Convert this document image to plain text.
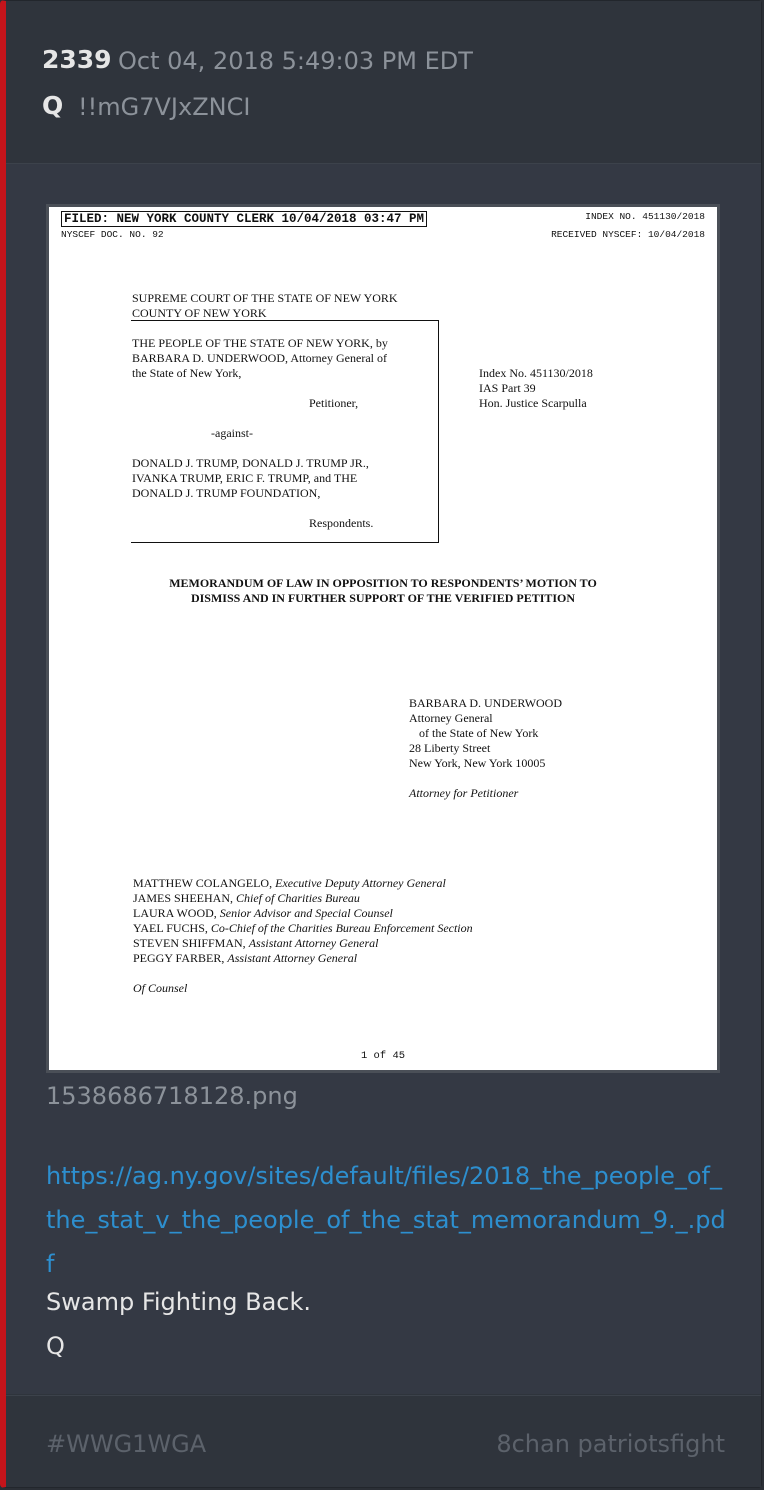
2339 Oct 04, 2018 5:49:03 PM EDT
Q !!mG7VJxZNCI
FILED: NEW YORK COUNTY CLERK 10/04/2018 03:47 PM	INDEX NO. 451130/2018
NYSCEF DOC. NO. 92	RECEIVED NYSCEF: 10/04/2018
SUPREME COURT OF THE STATE OF NEW YORK
COUNTY OF NEW YORK
THE PEOPLE OF THE STATE OF NEW YORK, by
BARBARA D. UNDERWOOD, Attorney General of
the State of New York,
Petitioner,
-against-
DONALD J. TRUMP, DONALD J. TRUMP JR.,
IVANKA TRUMP, ERIC F. TRUMP, and THE
DONALD J. TRUMP FOUNDATION,
Respondents.
Index No. 451130/2018
IAS Part 39
Hon. Justice Scarpulla
MEMORANDUM OF LAW IN OPPOSITION TO RESPONDENTS’ MOTION TO
DISMISS AND IN FURTHER SUPPORT OF THE VERIFIED PETITION
BARBARA D. UNDERWOOD
Attorney General
of the State of New York
28 Liberty Street
New York, New York 10005
Attorney for Petitioner
MATTHEW COLANGELO, Executive Deputy Attorney General
JAMES SHEEHAN, Chief of Charities Bureau
LAURA WOOD, Senior Advisor and Special Counsel
YAEL FUCHS, Co-Chief of the Charities Bureau Enforcement Section
STEVEN SHIFFMAN, Assistant Attorney General
PEGGY FARBER, Assistant Attorney General
Of Counsel
1 of 45
1538686718128.png
https://ag.ny.gov/sites/default/files/2018_the_people_of_the_stat_v_the_people_of_the_stat_memorandum_9._.pdf
Swamp Fighting Back.
Q
#WWG1WGA	8chan patriotsfight
